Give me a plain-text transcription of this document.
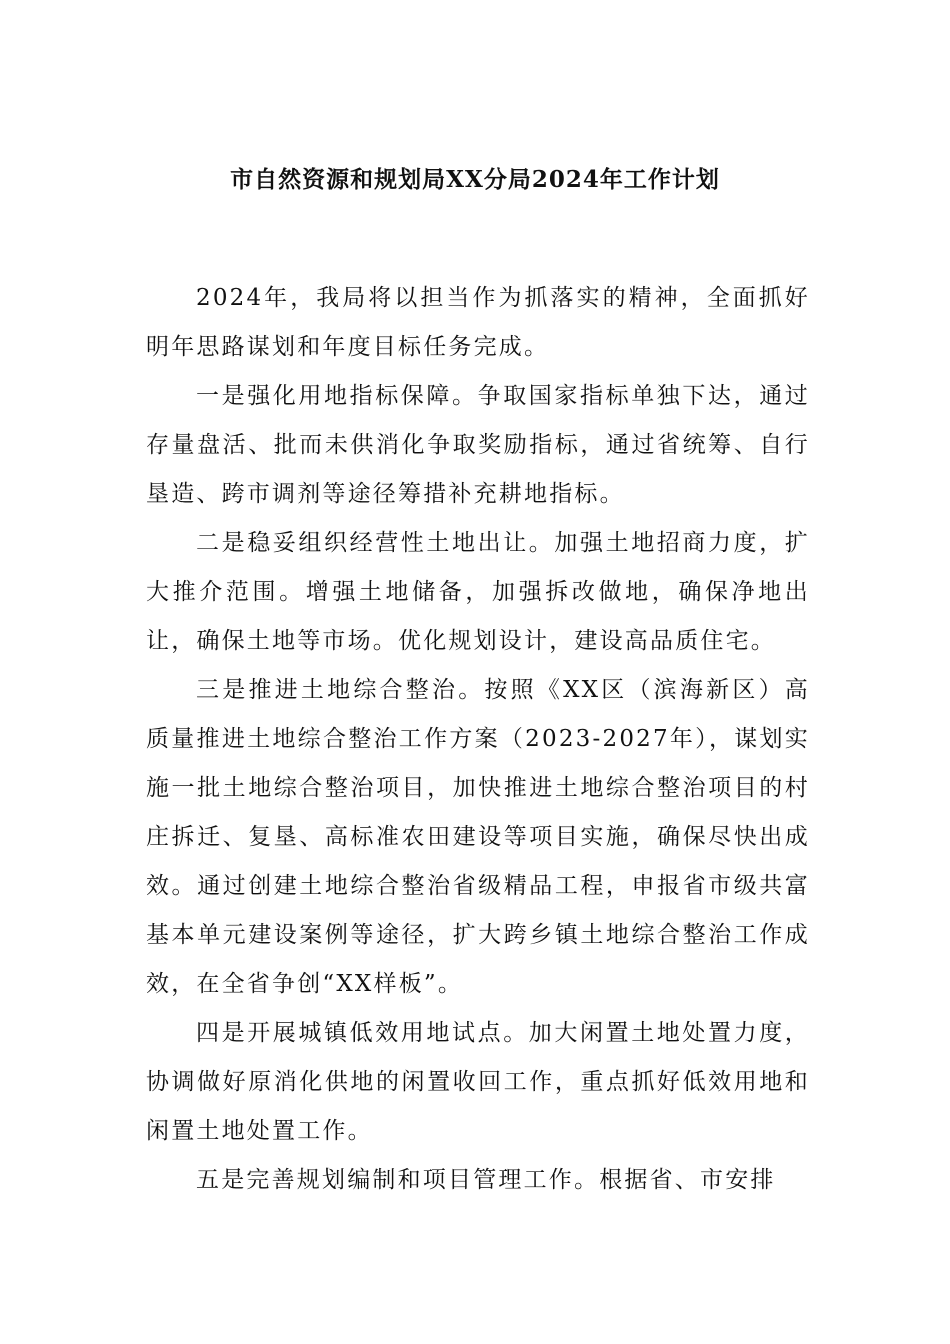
市自然资源和规划局XX分局2024年工作计划

2024年，我局将以担当作为抓落实的精神，全面抓好明年思路谋划和年度目标任务完成。

一是强化用地指标保障。争取国家指标单独下达，通过存量盘活、批而未供消化争取奖励指标，通过省统筹、自行垦造、跨市调剂等途径筹措补充耕地指标。

二是稳妥组织经营性土地出让。加强土地招商力度，扩大推介范围。增强土地储备，加强拆改做地，确保净地出让，确保土地等市场。优化规划设计，建设高品质住宅。

三是推进土地综合整治。按照《XX区（滨海新区）高质量推进土地综合整治工作方案（2023-2027年），谋划实施一批土地综合整治项目，加快推进土地综合整治项目的村庄拆迁、复垦、高标准农田建设等项目实施，确保尽快出成效。通过创建土地综合整治省级精品工程，申报省市级共富基本单元建设案例等途径，扩大跨乡镇土地综合整治工作成效，在全省争创“XX样板”。

四是开展城镇低效用地试点。加大闲置土地处置力度，协调做好原消化供地的闲置收回工作，重点抓好低效用地和闲置土地处置工作。

五是完善规划编制和项目管理工作。根据省、市安排
